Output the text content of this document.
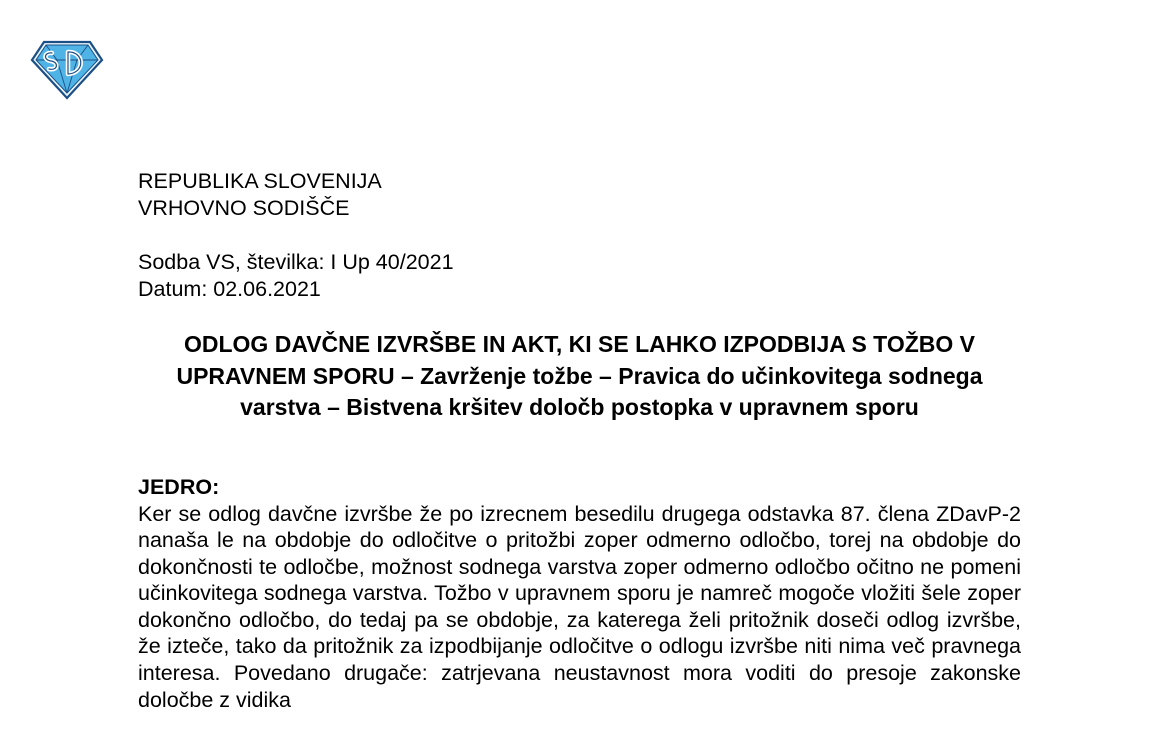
REPUBLIKA SLOVENIJA

VRHOVNO SODIŠČE

Sodba VS, številka: I Up 40/2021

Datum: 02.06.2021

ODLOG DAVČNE IZVRŠBE IN AKT, KI SE LAHKO IZPODBIJA S TOŽBO V UPRAVNEM SPORU – Zavrženje tožbe – Pravica do učinkovitega sodnega varstva – Bistvena kršitev določb postopka v upravnem sporu
JEDRO:

Ker se odlog davčne izvršbe že po izrecnem besedilu drugega odstavka 87. člena ZDavP-2 nanaša le na obdobje do odločitve o pritožbi zoper odmerno odločbo, torej na obdobje do dokončnosti te odločbe, možnost sodnega varstva zoper odmerno odločbo očitno ne pomeni učinkovitega sodnega varstva. Tožbo v upravnem sporu je namreč mogoče vložiti šele zoper dokončno odločbo, do tedaj pa se obdobje, za katerega želi pritožnik doseči odlog izvršbe, že izteče, tako da pritožnik za izpodbijanje odločitve o odlogu izvršbe niti nima več pravnega interesa. Povedano drugače: zatrjevana neustavnost mora voditi do presoje zakonske določbe z vidika
